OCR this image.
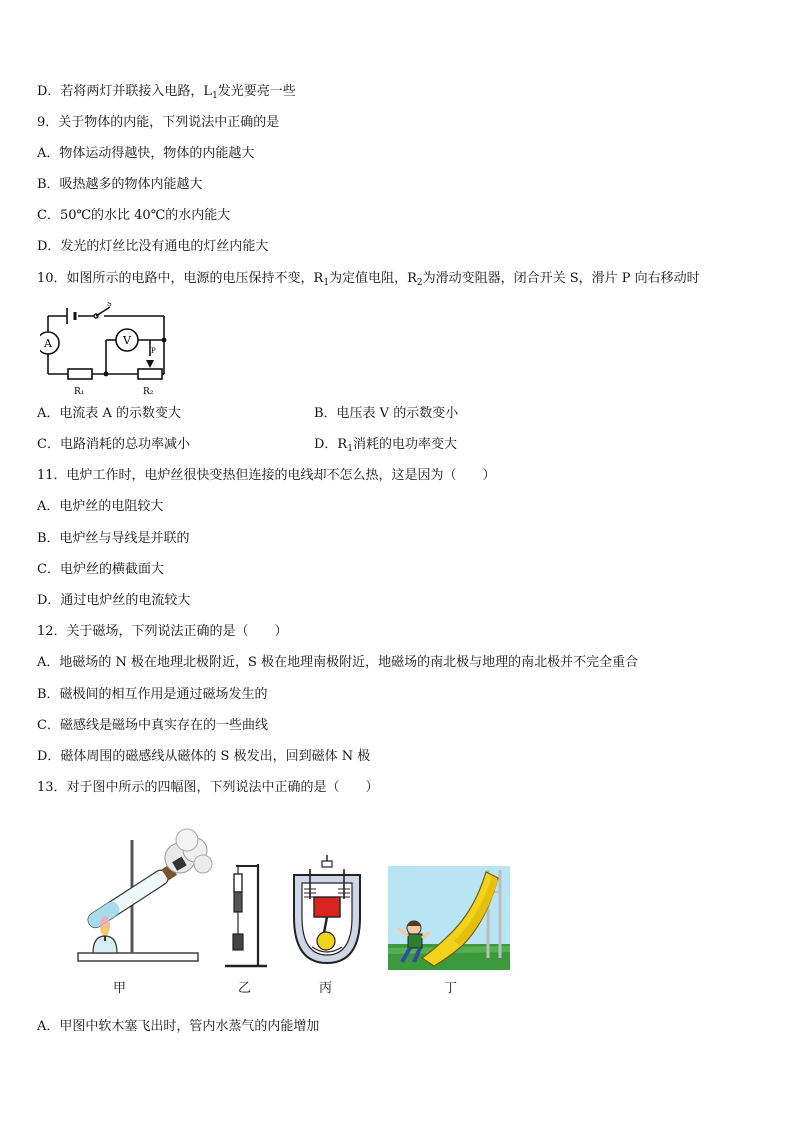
D．若将两灯并联接入电路，$L_1$发光要亮一些
9．关于物体的内能，下列说法中正确的是
A．物体运动得越快，物体的内能越大
B．吸热越多的物体内能越大
C．50℃的水比 40℃的水内能大
D．发光的灯丝比没有通电的灯丝内能大
10．如图所示的电路中，电源的电压保持不变，$R_1$为定值电阻，$R_2$为滑动变阻器，闭合开关 S，滑片 P 向右移动时
S
A	V
R₁	R₂
P
A．电流表 A 的示数变大	B．电压表 V 的示数变小
C．电路消耗的总功率减小	D．$R_1$消耗的电功率变大
11．电炉工作时，电炉丝很快变热但连接的电线却不怎么热，这是因为（　　）
A．电炉丝的电阻较大
B．电炉丝与导线是并联的
C．电炉丝的横截面大
D．通过电炉丝的电流较大
12．关于磁场，下列说法正确的是（　　）
A．地磁场的 N 极在地理北极附近，S 极在地理南极附近，地磁场的南北极与地理的南北极并不完全重合
B．磁极间的相互作用是通过磁场发生的
C．磁感线是磁场中真实存在的一些曲线
D．磁体周围的磁感线从磁体的 S 极发出，回到磁体 N 极
13．对于图中所示的四幅图，下列说法中正确的是（　　）
甲	乙	丙	丁
A．甲图中软木塞飞出时，管内水蒸气的内能增加
